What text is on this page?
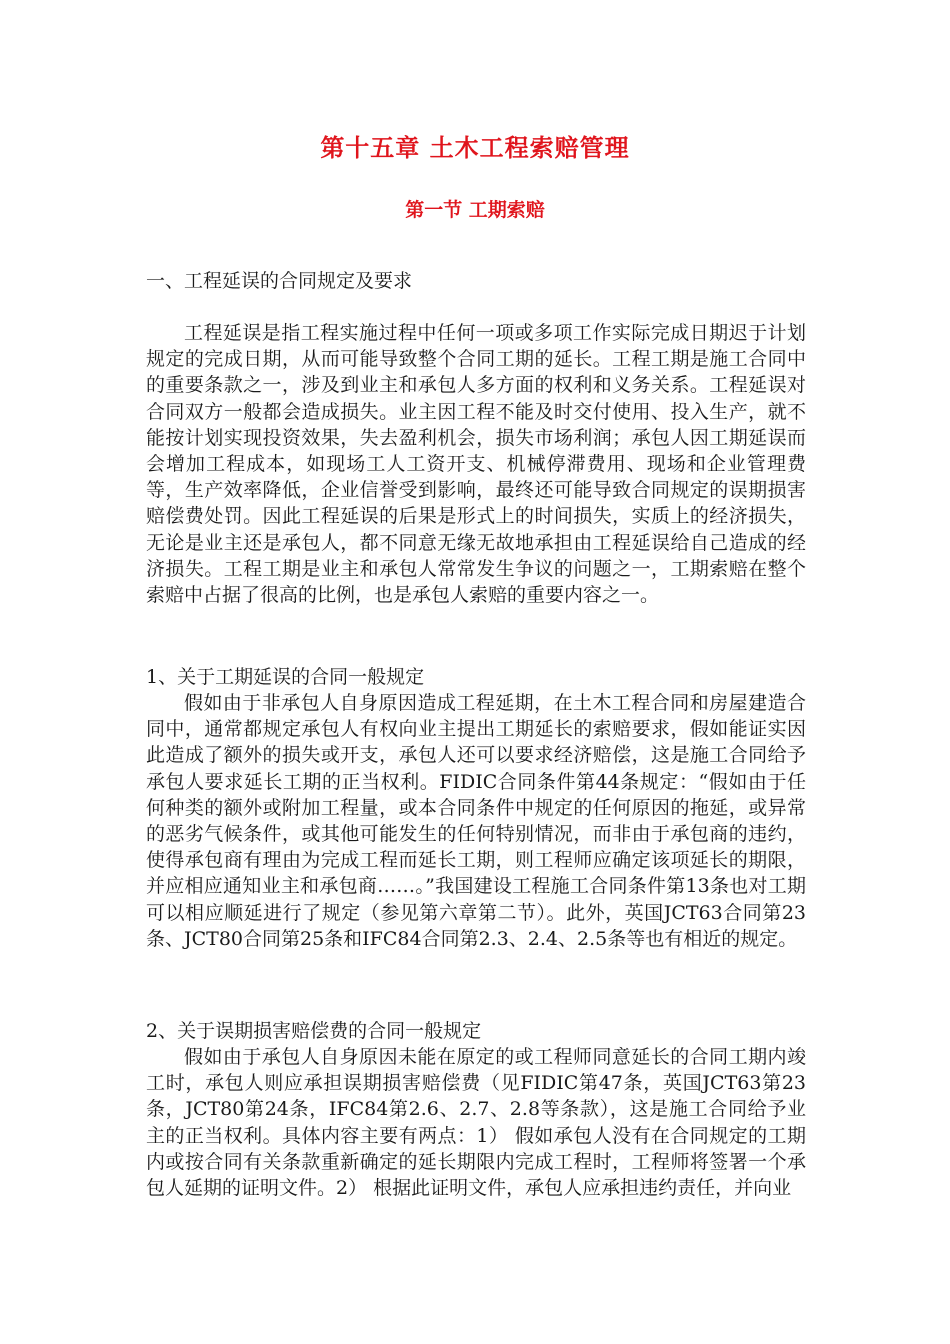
第十五章 土木工程索赔管理
第一节 工期索赔

一、工程延误的合同规定及要求

工程延误是指工程实施过程中任何一项或多项工作实际完成日期迟于计划规定的完成日期，从而可能导致整个合同工期的延长。工程工期是施工合同中的重要条款之一，涉及到业主和承包人多方面的权利和义务关系。工程延误对合同双方一般都会造成损失。业主因工程不能及时交付使用、投入生产，就不能按计划实现投资效果，失去盈利机会，损失市场利润；承包人因工期延误而会增加工程成本，如现场工人工资开支、机械停滞费用、现场和企业管理费等，生产效率降低，企业信誉受到影响，最终还可能导致合同规定的误期损害赔偿费处罚。因此工程延误的后果是形式上的时间损失，实质上的经济损失，无论是业主还是承包人，都不同意无缘无故地承担由工程延误给自己造成的经济损失。工程工期是业主和承包人常常发生争议的问题之一，工期索赔在整个索赔中占据了很高的比例，也是承包人索赔的重要内容之一。

1、关于工期延误的合同一般规定

假如由于非承包人自身原因造成工程延期，在土木工程合同和房屋建造合同中，通常都规定承包人有权向业主提出工期延长的索赔要求，假如能证实因此造成了额外的损失或开支，承包人还可以要求经济赔偿，这是施工合同给予承包人要求延长工期的正当权利。FIDIC合同条件第44条规定：“假如由于任何种类的额外或附加工程量，或本合同条件中规定的任何原因的拖延，或异常的恶劣气候条件，或其他可能发生的任何特别情况，而非由于承包商的违约，使得承包商有理由为完成工程而延长工期，则工程师应确定该项延长的期限，并应相应通知业主和承包商……。”我国建设工程施工合同条件第13条也对工期可以相应顺延进行了规定（参见第六章第二节）。此外，英国JCT63合同第23条、JCT80合同第25条和IFC84合同第2.3、2.4、2.5条等也有相近的规定。

2、关于误期损害赔偿费的合同一般规定

假如由于承包人自身原因未能在原定的或工程师同意延长的合同工期内竣工时，承包人则应承担误期损害赔偿费（见FIDIC第47条，英国JCT63第23条，JCT80第24条，IFC84第2.6、2.7、2.8等条款），这是施工合同给予业主的正当权利。具体内容主要有两点：1） 假如承包人没有在合同规定的工期内或按合同有关条款重新确定的延长期限内完成工程时，工程师将签署一个承包人延期的证明文件。2） 根据此证明文件，承包人应承担违约责任，并向业
